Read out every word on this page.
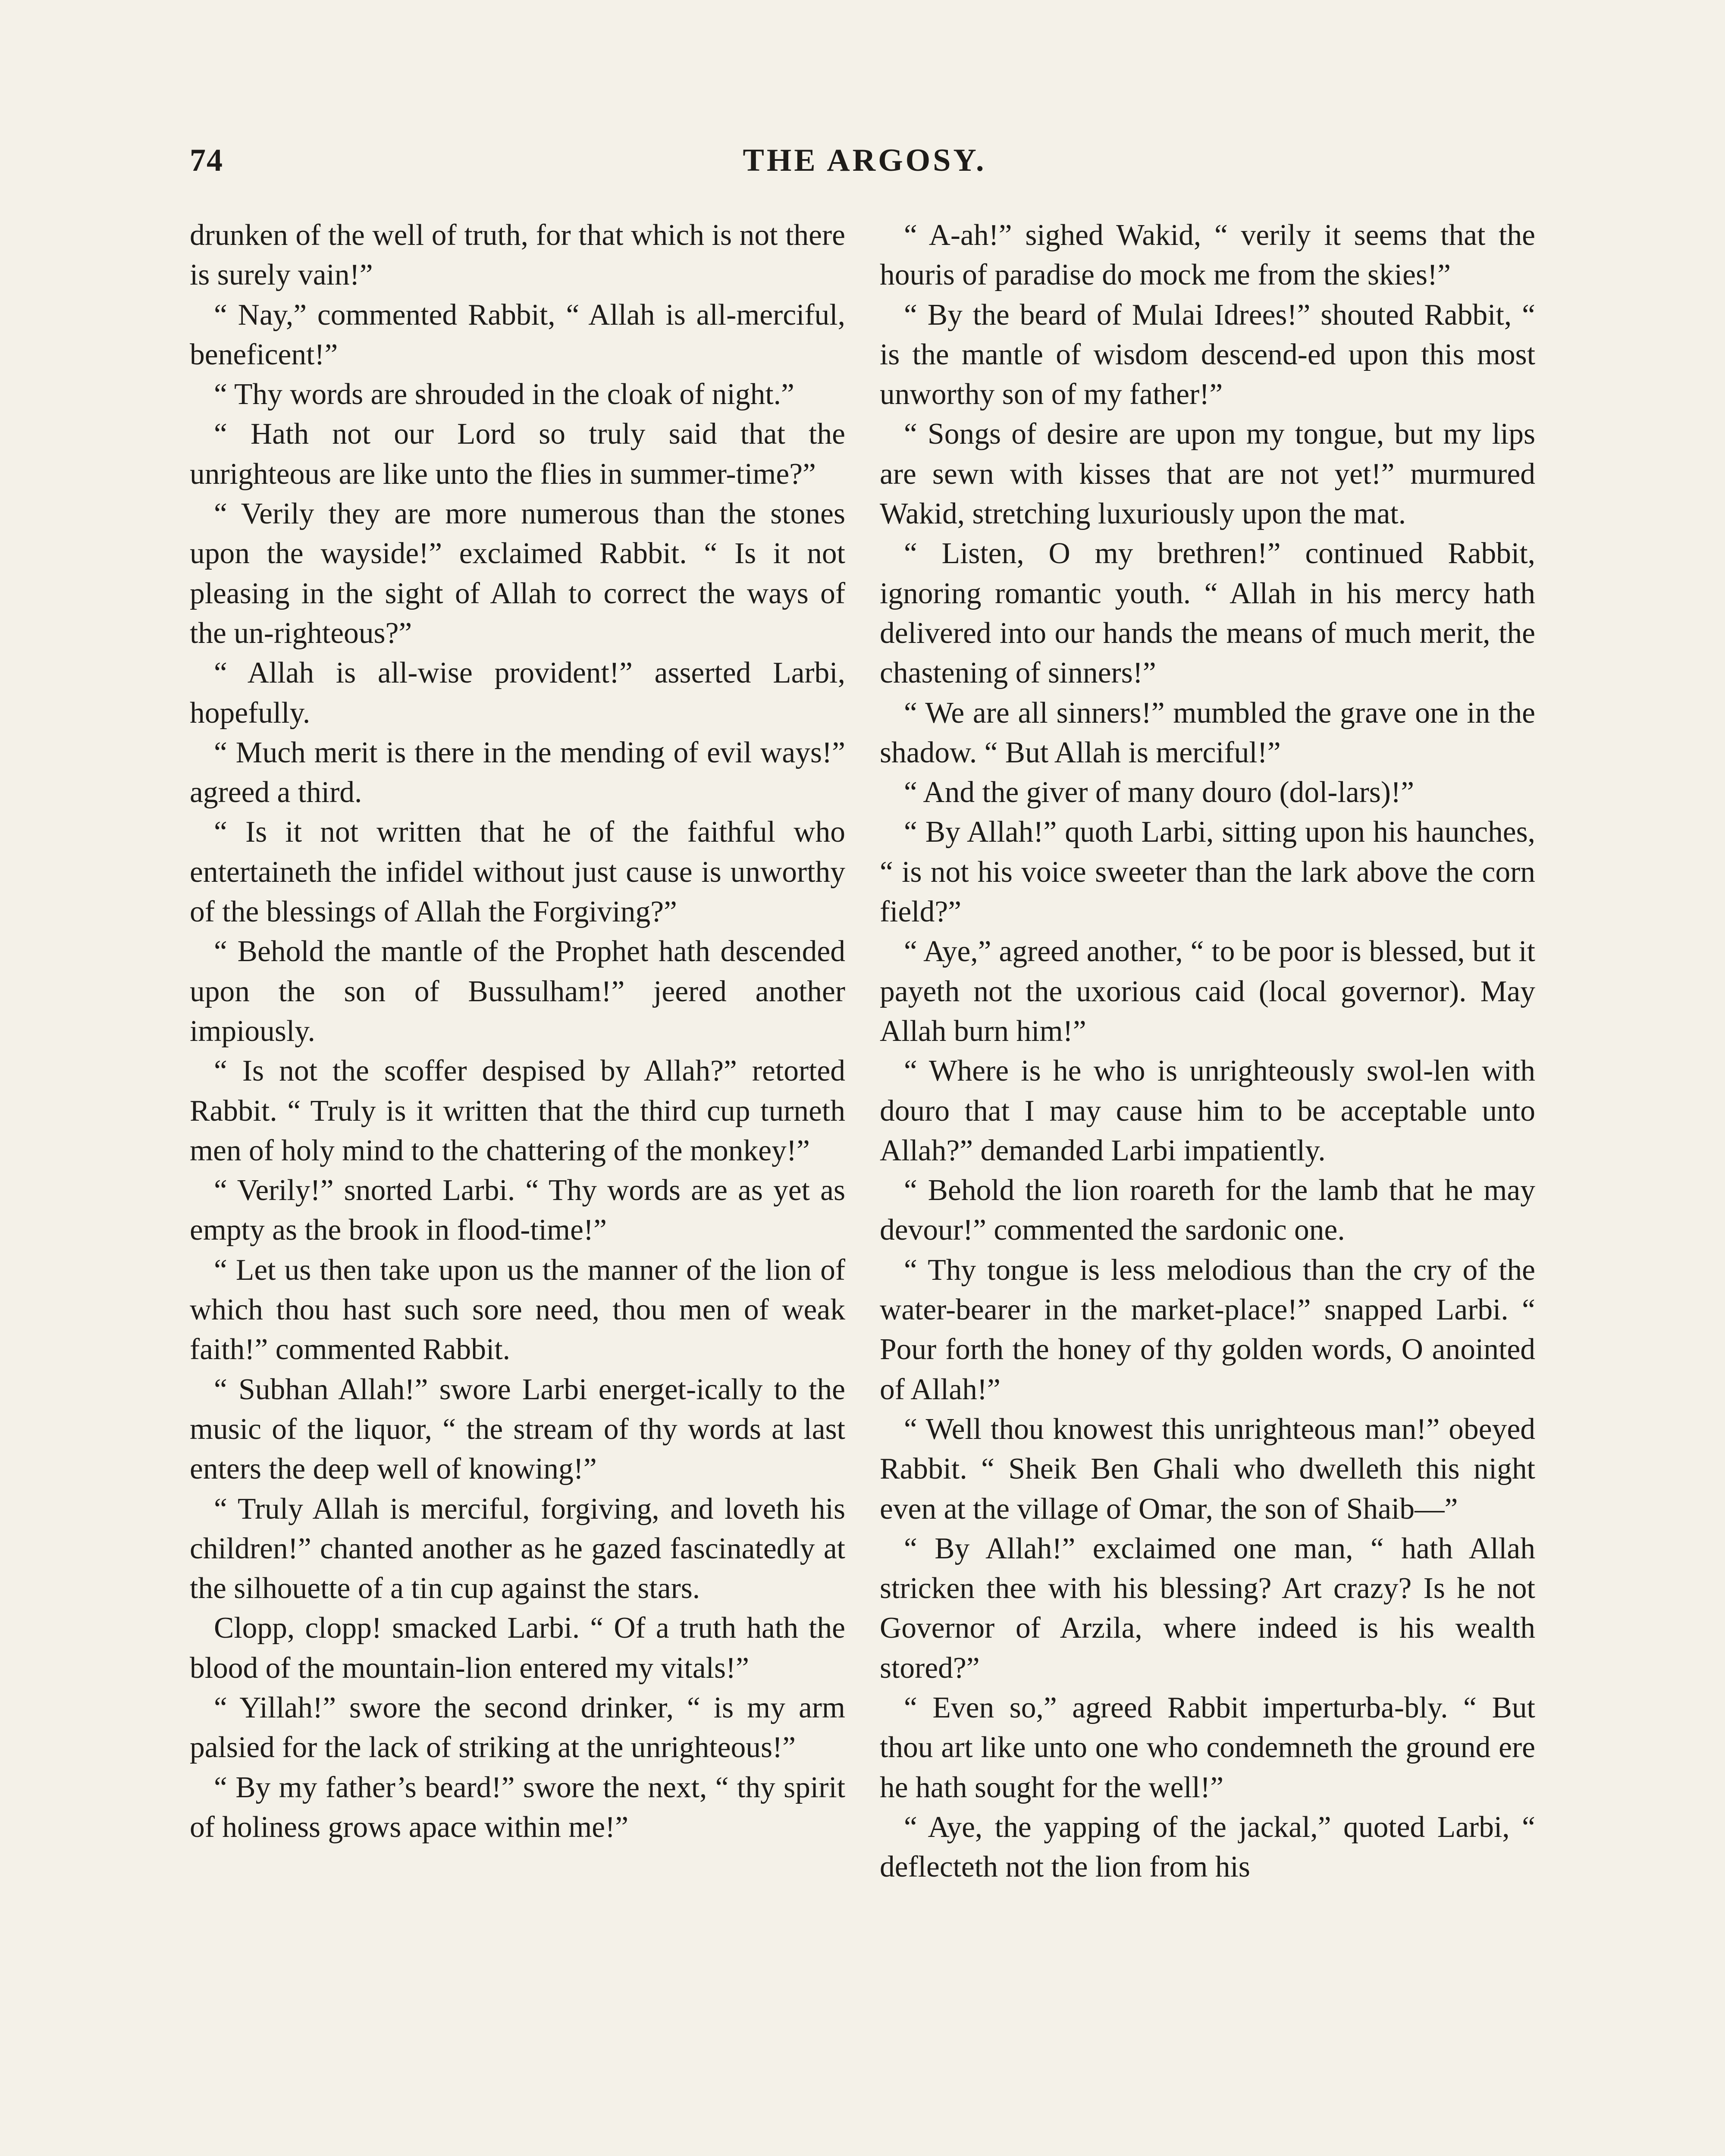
74	THE ARGOSY.

drunken of the well of truth, for that which is not there is surely vain!”

“ Nay,” commented Rabbit, “ Allah is all-merciful, beneficent!”

“ Thy words are shrouded in the cloak of night.”

“ Hath not our Lord so truly said that the unrighteous are like unto the flies in summer-time?”

“ Verily they are more numerous than the stones upon the wayside!” exclaimed Rabbit. “ Is it not pleasing in the sight of Allah to correct the ways of the un-righteous?”

“ Allah is all-wise provident!” asserted Larbi, hopefully.

“ Much merit is there in the mending of evil ways!” agreed a third.

“ Is it not written that he of the faithful who entertaineth the infidel without just cause is unworthy of the blessings of Allah the Forgiving?”

“ Behold the mantle of the Prophet hath descended upon the son of Bussulham!” jeered another impiously.

“ Is not the scoffer despised by Allah?” retorted Rabbit. “ Truly is it written that the third cup turneth men of holy mind to the chattering of the monkey!”

“ Verily!” snorted Larbi. “ Thy words are as yet as empty as the brook in flood-time!”

“ Let us then take upon us the manner of the lion of which thou hast such sore need, thou men of weak faith!” commented Rabbit.

“ Subhan Allah!” swore Larbi energet-ically to the music of the liquor, “ the stream of thy words at last enters the deep well of knowing!”

“ Truly Allah is merciful, forgiving, and loveth his children!” chanted another as he gazed fascinatedly at the silhouette of a tin cup against the stars.

Clopp, clopp! smacked Larbi. “ Of a truth hath the blood of the mountain-lion entered my vitals!”

“ Yillah!” swore the second drinker, “ is my arm palsied for the lack of striking at the unrighteous!”

“ By my father’s beard!” swore the next, “ thy spirit of holiness grows apace within me!”

“ A-ah!” sighed Wakid, “ verily it seems that the houris of paradise do mock me from the skies!”

“ By the beard of Mulai Idrees!” shouted Rabbit, “ is the mantle of wisdom descend-ed upon this most unworthy son of my father!”

“ Songs of desire are upon my tongue, but my lips are sewn with kisses that are not yet!” murmured Wakid, stretching luxuriously upon the mat.

“ Listen, O my brethren!” continued Rabbit, ignoring romantic youth. “ Allah in his mercy hath delivered into our hands the means of much merit, the chastening of sinners!”

“ We are all sinners!” mumbled the grave one in the shadow. “ But Allah is merciful!”

“ And the giver of many douro (dol-lars)!”

“ By Allah!” quoth Larbi, sitting upon his haunches, “ is not his voice sweeter than the lark above the corn field?”

“ Aye,” agreed another, “ to be poor is blessed, but it payeth not the uxorious caid (local governor). May Allah burn him!”

“ Where is he who is unrighteously swol-len with douro that I may cause him to be acceptable unto Allah?” demanded Larbi impatiently.

“ Behold the lion roareth for the lamb that he may devour!” commented the sardonic one.

“ Thy tongue is less melodious than the cry of the water-bearer in the market-place!” snapped Larbi. “ Pour forth the honey of thy golden words, O anointed of Allah!”

“ Well thou knowest this unrighteous man!” obeyed Rabbit. “ Sheik Ben Ghali who dwelleth this night even at the village of Omar, the son of Shaib—”

“ By Allah!” exclaimed one man, “ hath Allah stricken thee with his blessing? Art crazy? Is he not Governor of Arzila, where indeed is his wealth stored?”

“ Even so,” agreed Rabbit imperturba-bly. “ But thou art like unto one who condemneth the ground ere he hath sought for the well!”

“ Aye, the yapping of the jackal,” quoted Larbi, “ deflecteth not the lion from his
